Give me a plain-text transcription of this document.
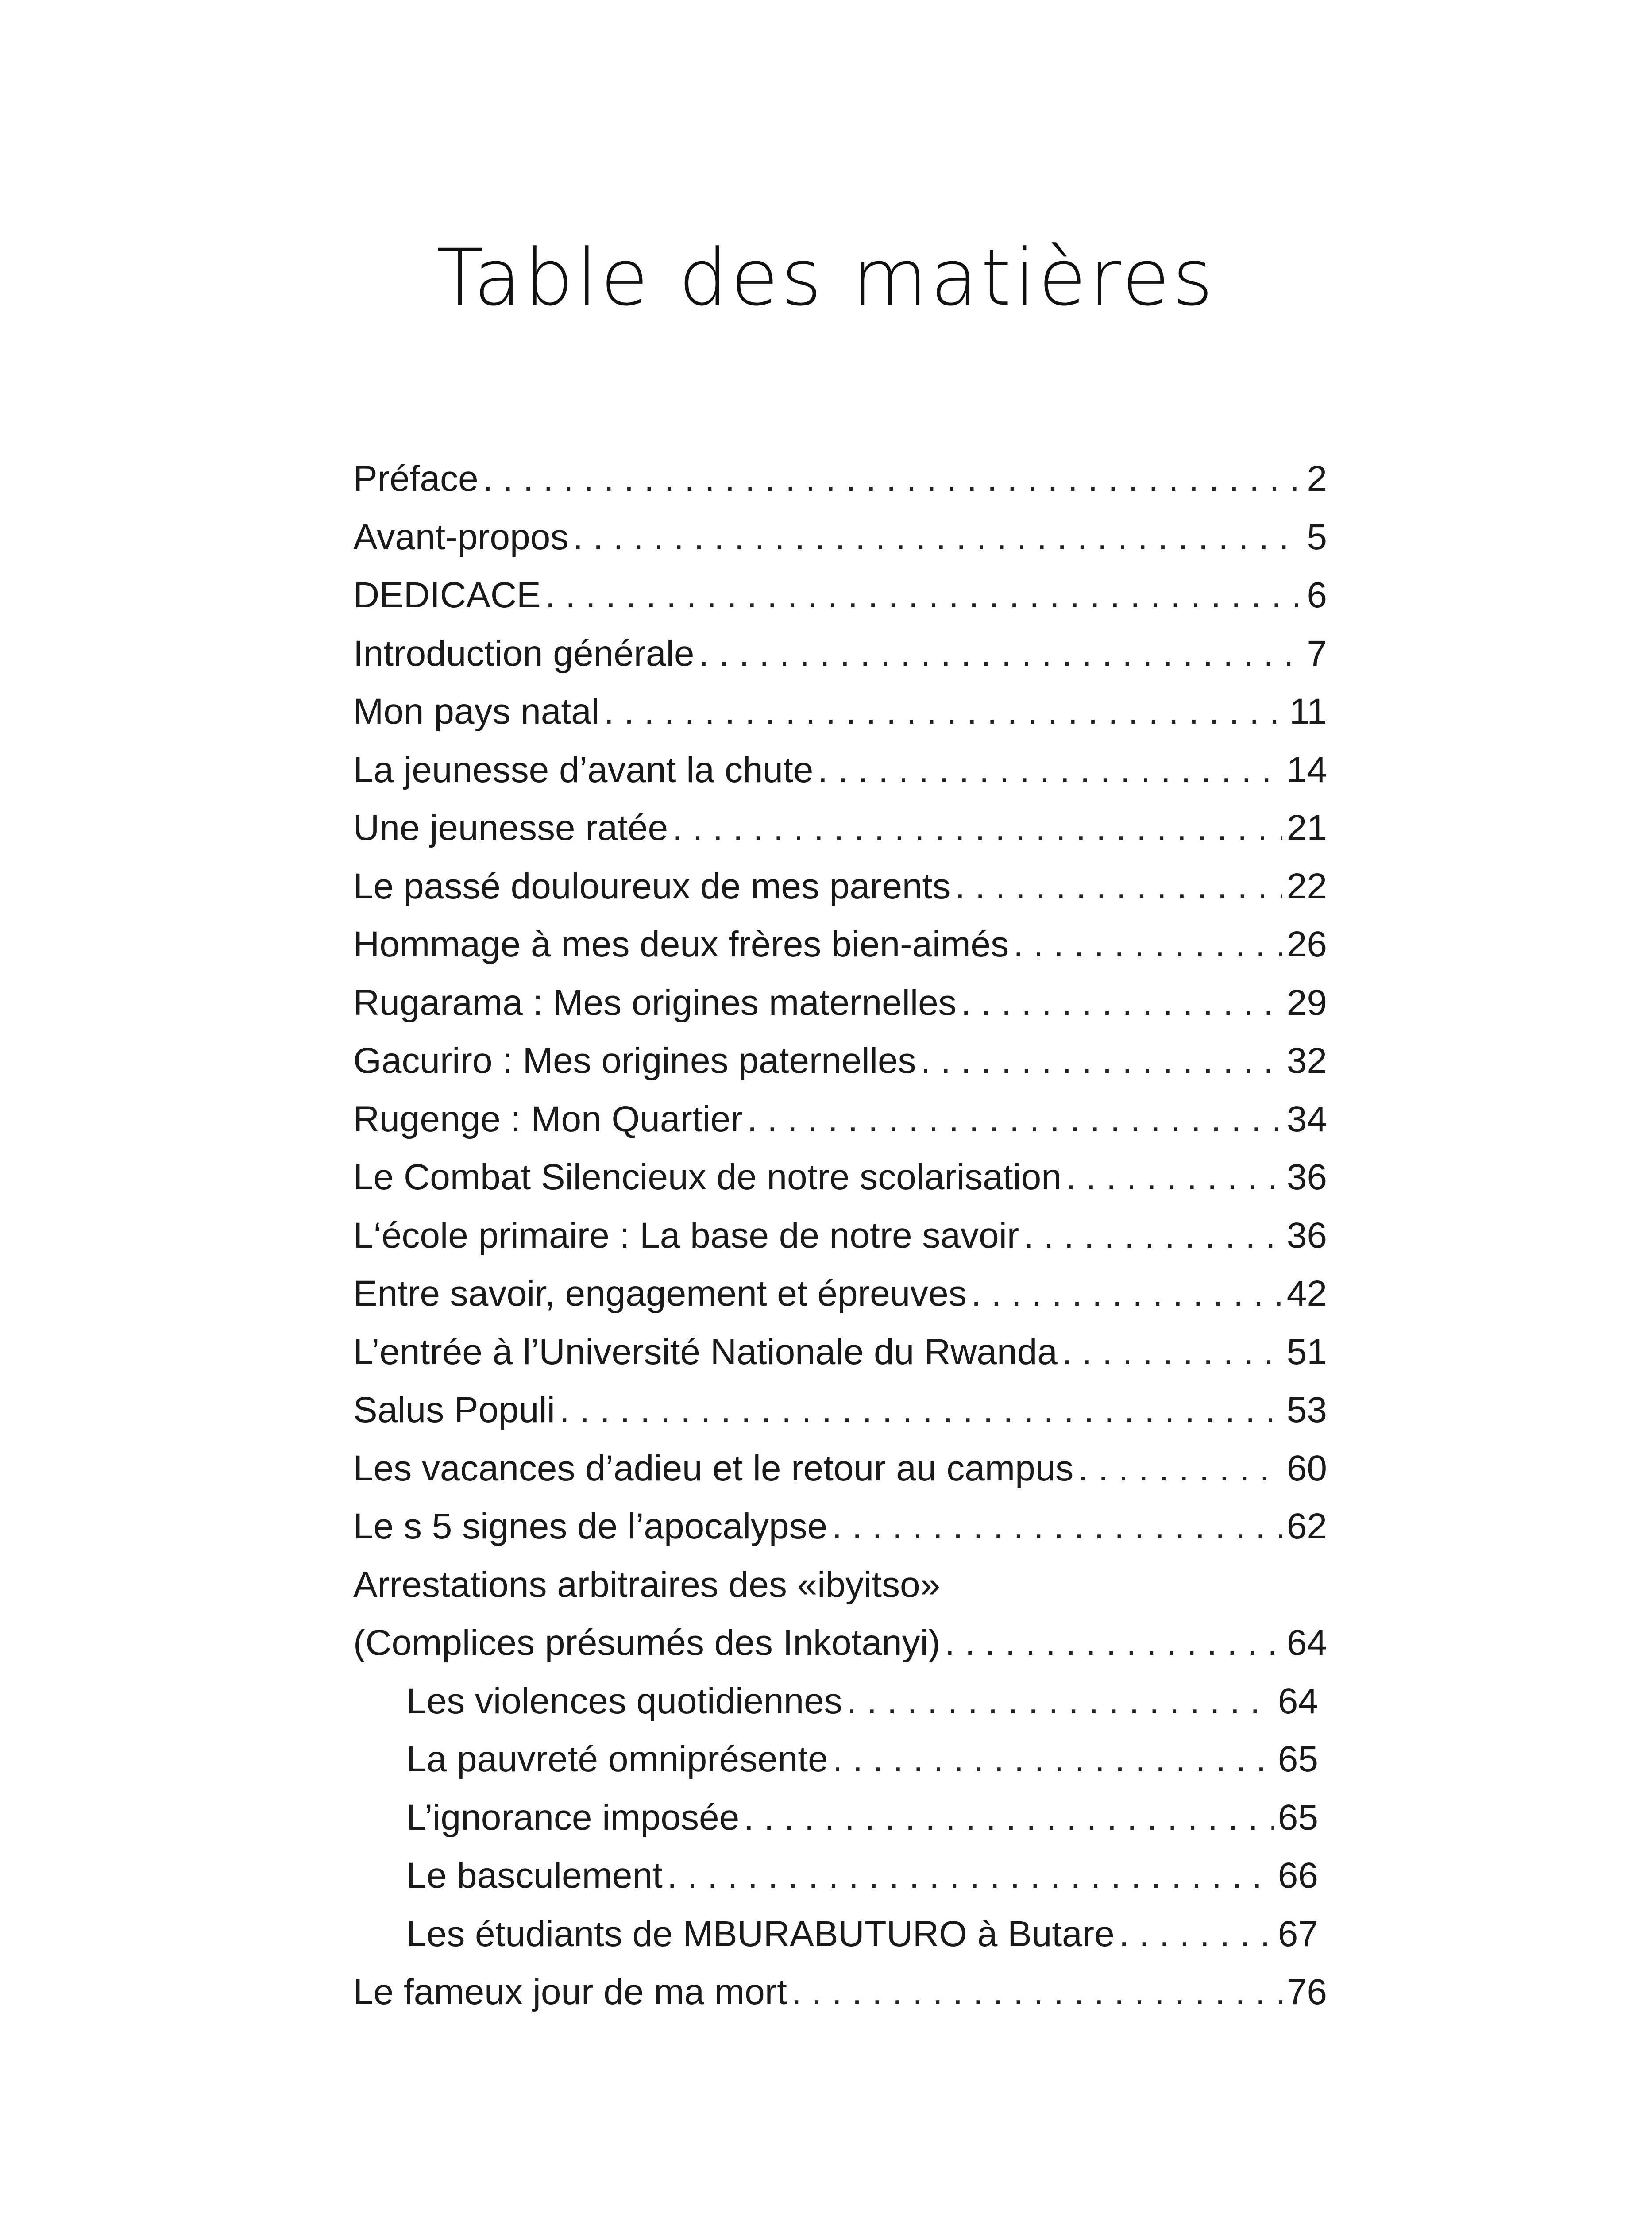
Table des matières
Préface . . .	2
Avant-propos . . .	5
DEDICACE . . .	6
Introduction générale . . .	7
Mon pays natal . . .	11
La jeunesse d’avant la chute . . .	14
Une jeunesse ratée . . .	21
Le passé douloureux de mes parents . . .	22
Hommage à mes deux frères bien-aimés . . .	26
Rugarama : Mes origines maternelles . . .	29
Gacuriro : Mes origines paternelles . . .	32
Rugenge : Mon Quartier . . .	34
Le Combat Silencieux de notre scolarisation . . .	36
L‘école primaire : La base de notre savoir . . .	36
Entre savoir, engagement et épreuves . . .	42
L’entrée à l’Université Nationale du Rwanda . . .	51
Salus Populi . . .	53
Les vacances d’adieu et le retour au campus . . .	60
Le s 5 signes de l’apocalypse . . .	62
Arrestations arbitraires des «ibyitso»
(Complices présumés des Inkotanyi) . . .	64
Les violences quotidiennes . . .	64
La pauvreté omniprésente . . .	65
L’ignorance imposée . . .	65
Le basculement . . .	66
Les étudiants de MBURABUTURO à Butare . . .	67
Le fameux jour de ma mort . . .	76
